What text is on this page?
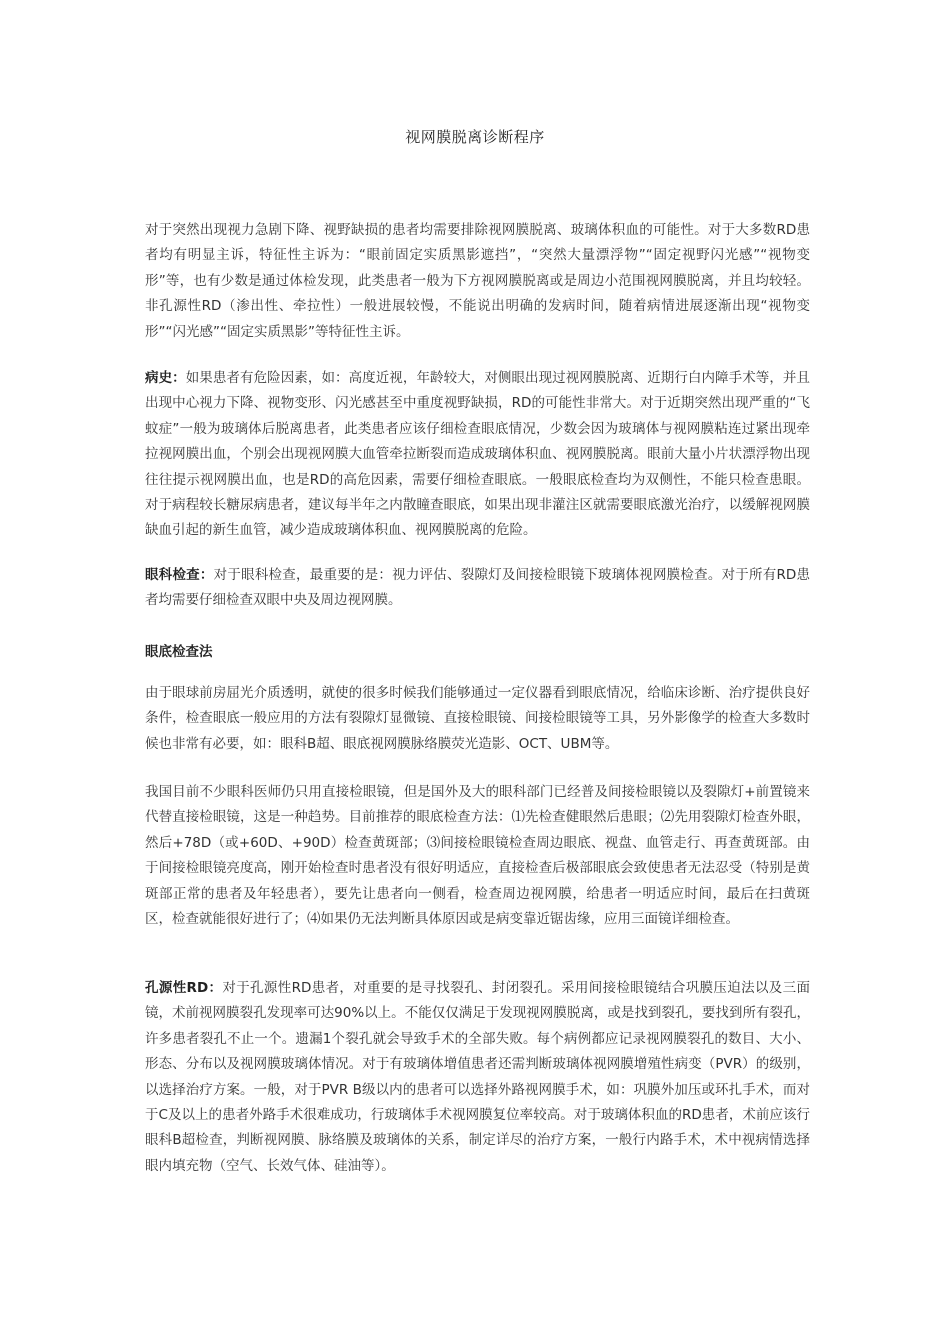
视网膜脱离诊断程序

对于突然出现视力急剧下降、视野缺损的患者均需要排除视网膜脱离、玻璃体积血的可能性。对于大多数RD患者均有明显主诉，特征性主诉为：“眼前固定实质黑影遮挡”，“突然大量漂浮物”“固定视野闪光感”“视物变形”等，也有少数是通过体检发现，此类患者一般为下方视网膜脱离或是周边小范围视网膜脱离，并且均较轻。非孔源性RD（渗出性、牵拉性）一般进展较慢，不能说出明确的发病时间，随着病情进展逐渐出现“视物变形”“闪光感”“固定实质黑影”等特征性主诉。

病史：如果患者有危险因素，如：高度近视，年龄较大，对侧眼出现过视网膜脱离、近期行白内障手术等，并且出现中心视力下降、视物变形、闪光感甚至中重度视野缺损，RD的可能性非常大。对于近期突然出现严重的“飞蚊症”一般为玻璃体后脱离患者，此类患者应该仔细检查眼底情况，少数会因为玻璃体与视网膜粘连过紧出现牵拉视网膜出血，个别会出现视网膜大血管牵拉断裂而造成玻璃体积血、视网膜脱离。眼前大量小片状漂浮物出现往往提示视网膜出血，也是RD的高危因素，需要仔细检查眼底。一般眼底检查均为双侧性，不能只检查患眼。对于病程较长糖尿病患者，建议每半年之内散瞳查眼底，如果出现非灌注区就需要眼底激光治疗，以缓解视网膜缺血引起的新生血管，减少造成玻璃体积血、视网膜脱离的危险。

眼科检查：对于眼科检查，最重要的是：视力评估、裂隙灯及间接检眼镜下玻璃体视网膜检查。对于所有RD患者均需要仔细检查双眼中央及周边视网膜。

眼底检查法

由于眼球前房屈光介质透明，就使的很多时候我们能够通过一定仪器看到眼底情况，给临床诊断、治疗提供良好条件，检查眼底一般应用的方法有裂隙灯显微镜、直接检眼镜、间接检眼镜等工具，另外影像学的检查大多数时候也非常有必要，如：眼科B超、眼底视网膜脉络膜荧光造影、OCT、UBM等。

我国目前不少眼科医师仍只用直接检眼镜，但是国外及大的眼科部门已经普及间接检眼镜以及裂隙灯+前置镜来代替直接检眼镜，这是一种趋势。目前推荐的眼底检查方法：⑴先检查健眼然后患眼；⑵先用裂隙灯检查外眼，然后+78D（或+60D、+90D）检查黄斑部；⑶间接检眼镜检查周边眼底、视盘、血管走行、再查黄斑部。由于间接检眼镜亮度高，刚开始检查时患者没有很好明适应，直接检查后极部眼底会致使患者无法忍受（特别是黄斑部正常的患者及年轻患者），要先让患者向一侧看，检查周边视网膜，给患者一明适应时间，最后在扫黄斑区，检查就能很好进行了；⑷如果仍无法判断具体原因或是病变靠近锯齿缘，应用三面镜详细检查。

孔源性RD：对于孔源性RD患者，对重要的是寻找裂孔、封闭裂孔。采用间接检眼镜结合巩膜压迫法以及三面镜，术前视网膜裂孔发现率可达90%以上。不能仅仅满足于发现视网膜脱离，或是找到裂孔，要找到所有裂孔，许多患者裂孔不止一个。遗漏1个裂孔就会导致手术的全部失败。每个病例都应记录视网膜裂孔的数目、大小、形态、分布以及视网膜玻璃体情况。对于有玻璃体增值患者还需判断玻璃体视网膜增殖性病变（PVR）的级别，以选择治疗方案。一般，对于PVR B级以内的患者可以选择外路视网膜手术，如：巩膜外加压或环扎手术，而对于C及以上的患者外路手术很难成功，行玻璃体手术视网膜复位率较高。对于玻璃体积血的RD患者，术前应该行眼科B超检查，判断视网膜、脉络膜及玻璃体的关系，制定详尽的治疗方案，一般行内路手术，术中视病情选择眼内填充物（空气、长效气体、硅油等）。
